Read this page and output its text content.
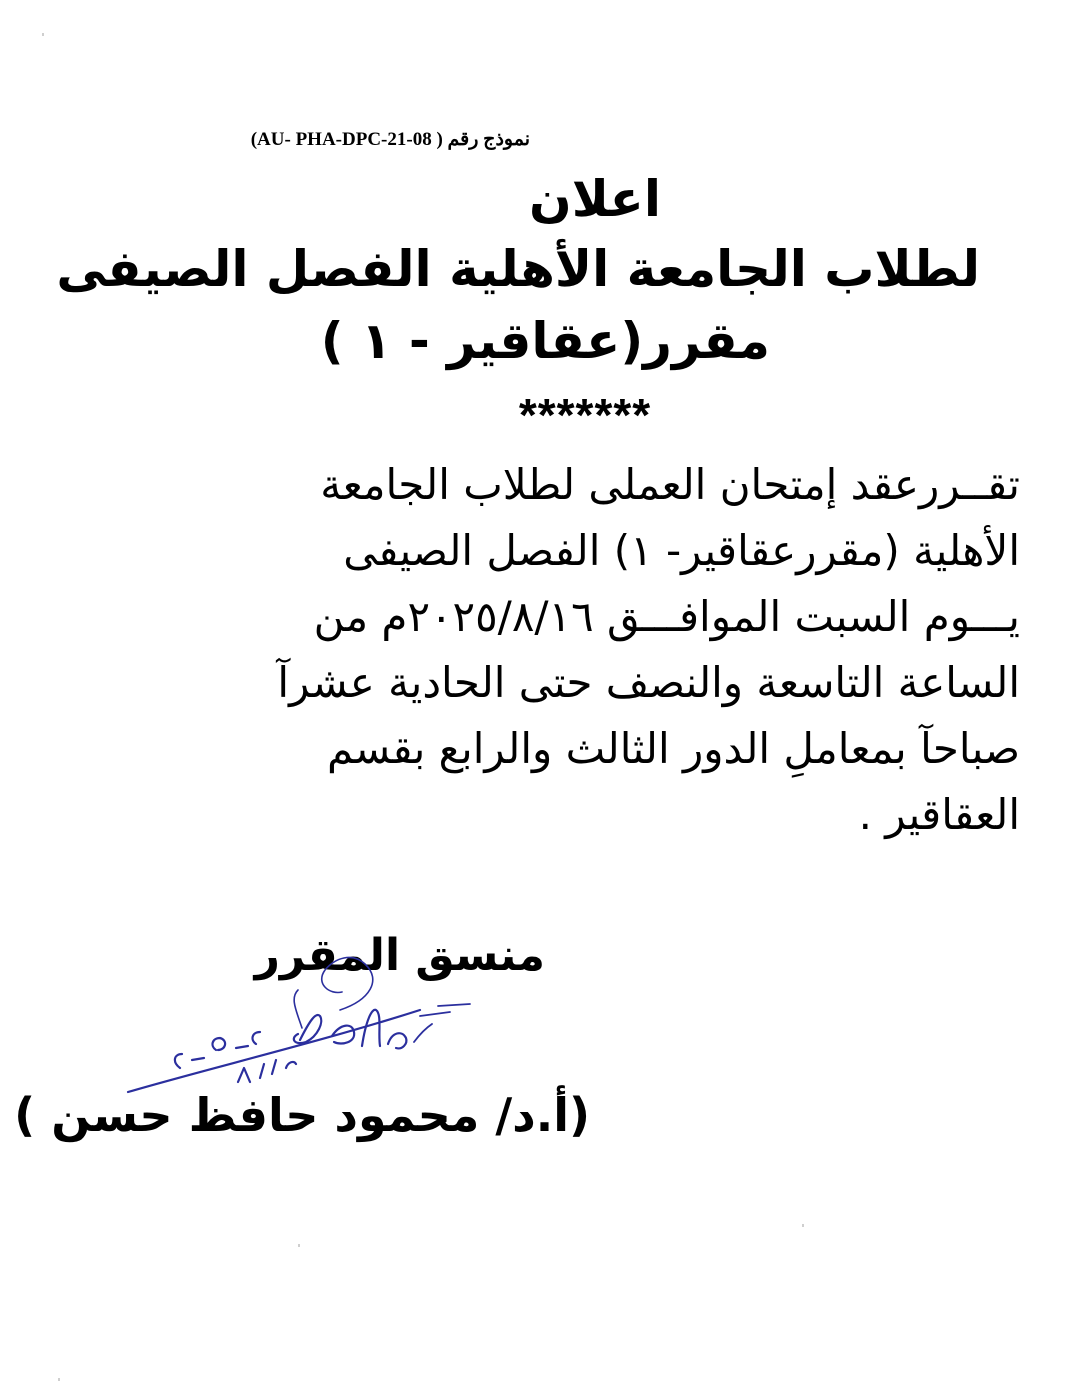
نموذج رقم ( AU- PHA-DPC-21-08)
اعلان
لطلاب الجامعة الأهلية الفصل الصيفى
مقرر(عقاقير - ١ )
*******
تقــررعقد إمتحان العملى لطلاب الجامعة
الأهلية (مقررعقاقير- ١) الفصل الصيفى
يـــوم السبت الموافـــق ٢٠٢٥/٨/١٦م من
الساعة التاسعة والنصف حتى الحادية عشرآ
صباحآ بمعاملِ الدور الثالث والرابع بقسم
العقاقير .
منسق المقرر
(أ.د/ محمود حافظ حسن )
